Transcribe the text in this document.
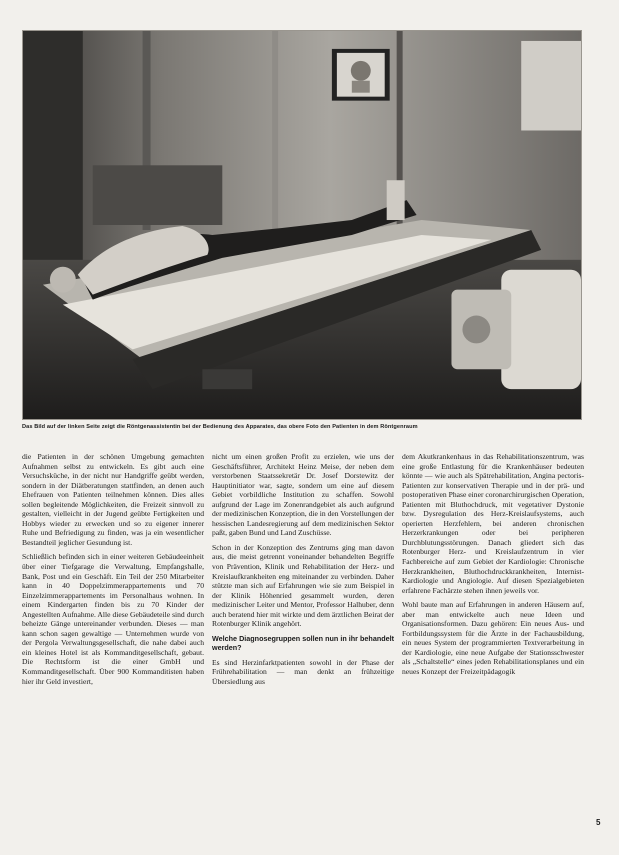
Das Bild auf der linken Seite zeigt die Röntgenassistentin bei der Bedienung des Apparates, das obere Foto den Patienten in dem Röntgenraum

die Patienten in der schönen Umgebung gemachten Aufnahmen selbst zu entwickeln. Es gibt auch eine Versuchsküche, in der nicht nur Handgriffe geübt werden, sondern in der Diätberatungen stattfinden, an denen auch Ehefrauen von Patienten teilnehmen können. Dies alles sollen begleitende Möglichkeiten, die Freizeit sinnvoll zu gestalten, vielleicht in der Jugend geübte Fertigkeiten und Hobbys wieder zu erwecken und so zu eigener innerer Ruhe und Befriedigung zu finden, was ja ein wesentlicher Bestandteil jeglicher Gesundung ist.

Schließlich befinden sich in einer weiteren Gebäudeeinheit über einer Tiefgarage die Verwaltung, Empfangshalle, Bank, Post und ein Geschäft. Ein Teil der 250 Mitarbeiter kann in 40 Doppelzimmerappartements und 70 Einzelzimmerappartements im Personalhaus wohnen. In einem Kindergarten finden bis zu 70 Kinder der Angestellten Aufnahme. Alle diese Gebäudeteile sind durch beheizte Gänge untereinander verbunden. Dieses — man kann schon sagen gewaltige — Unternehmen wurde von der Pergola Verwaltungsgesellschaft, die nahe dabei auch ein kleines Hotel ist als Kommanditgesellschaft, gebaut. Die Rechtsform ist die einer GmbH und Kommanditgesellschaft. Über 900 Kommanditisten haben hier ihr Geld investiert,

nicht um einen großen Profit zu erzielen, wie uns der Geschäftsführer, Architekt Heinz Meise, der neben dem verstorbenen Staatssekretär Dr. Josef Dorstewitz der Hauptinitiator war, sagte, sondern um eine auf diesem Gebiet vorbildliche Institution zu schaffen. Sowohl aufgrund der Lage im Zonenrandgebiet als auch aufgrund der medizinischen Konzeption, die in den Vorstellungen der hessischen Landesregierung auf dem medizinischen Sektor paßt, gaben Bund und Land Zuschüsse.

Schon in der Konzeption des Zentrums ging man davon aus, die meist getrennt voneinander behandelten Begriffe von Prävention, Klinik und Rehabilitation der Herz- und Kreislaufkrankheiten eng miteinander zu verbinden. Daher stützte man sich auf Erfahrungen wie sie zum Beispiel in der Klinik Höhenried gesammelt wurden, deren medizinischer Leiter und Mentor, Professor Halhuber, denn auch beratend hier mit wirkte und dem ärztlichen Beirat der Rotenburger Klinik angehört.

Welche Diagnosegruppen sollen nun in ihr behandelt werden?

Es sind Herzinfarktpatienten sowohl in der Phase der Frührehabilitation — man denkt an frühzeitige Übersiedlung aus

dem Akutkrankenhaus in das Rehabilitationszentrum, was eine große Entlastung für die Krankenhäuser bedeuten könnte — wie auch als Spätrehabilitation, Angina pectoris-Patienten zur konservativen Therapie und in der prä- und postoperativen Phase einer coronarchirurgischen Operation, Patienten mit Bluthochdruck, mit vegetativer Dystonie bzw. Dysregulation des Herz-Kreislaufsystems, auch operierten Herzfehlern, bei anderen chronischen Herzerkrankungen oder bei peripheren Durchblutungsstörungen. Danach gliedert sich das Rotenburger Herz- und Kreislaufzentrum in vier Fachbereiche auf zum Gebiet der Kardiologie: Chronische Herzkrankheiten, Bluthochdruckkrankheiten, Internist-Kardiologie und Angiologie. Auf diesen Spezialgebieten erfahrene Fachärzte stehen ihnen jeweils vor.

Wohl baute man auf Erfahrungen in anderen Häusern auf, aber man entwickelte auch neue Ideen und Organisationsformen. Dazu gehören: Ein neues Aus- und Fortbildungssystem für die Ärzte in der Fachausbildung, ein neues System der programmierten Textverarbeitung in der Kardiologie, eine neue Aufgabe der Stationsschwester als „Schaltstelle“ eines jeden Rehabilitationsplanes und ein neues Konzept der Freizeitpädagogik

5
